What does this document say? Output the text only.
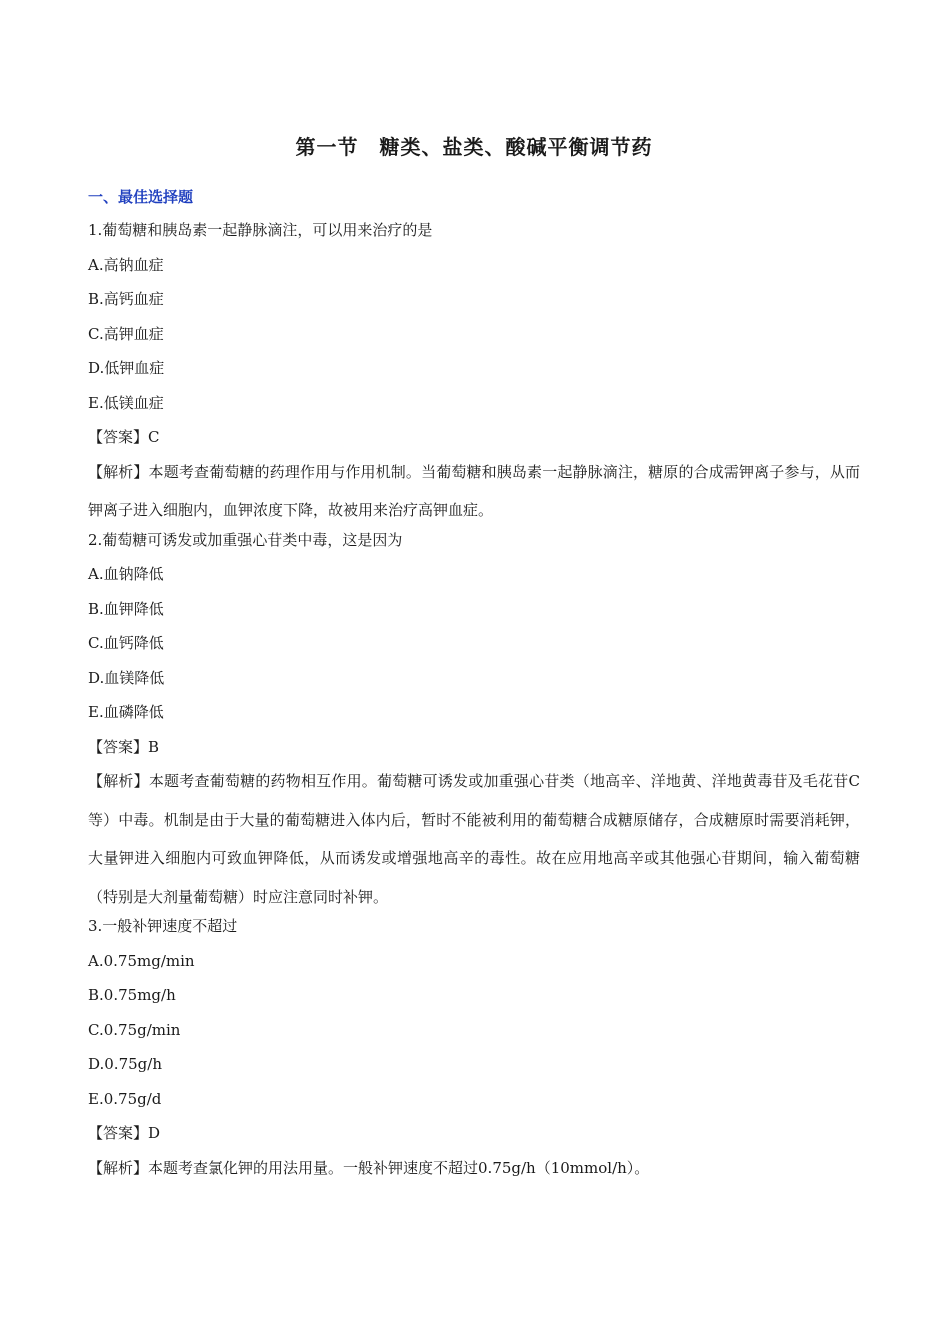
第一节　糖类、盐类、酸碱平衡调节药
一、最佳选择题
1.葡萄糖和胰岛素一起静脉滴注，可以用来治疗的是
A.高钠血症
B.高钙血症
C.高钾血症
D.低钾血症
E.低镁血症
【答案】C

【解析】本题考查葡萄糖的药理作用与作用机制。当葡萄糖和胰岛素一起静脉滴注，糖原的合成需钾离子参与，从而钾离子进入细胞内，血钾浓度下降，故被用来治疗高钾血症。

2.葡萄糖可诱发或加重强心苷类中毒，这是因为
A.血钠降低
B.血钾降低
C.血钙降低
D.血镁降低
E.血磷降低
【答案】B

【解析】本题考查葡萄糖的药物相互作用。葡萄糖可诱发或加重强心苷类（地高辛、洋地黄、洋地黄毒苷及毛花苷C等）中毒。机制是由于大量的葡萄糖进入体内后，暂时不能被利用的葡萄糖合成糖原储存，合成糖原时需要消耗钾，大量钾进入细胞内可致血钾降低，从而诱发或增强地高辛的毒性。故在应用地高辛或其他强心苷期间，输入葡萄糖（特别是大剂量葡萄糖）时应注意同时补钾。

3.一般补钾速度不超过
A.0.75mg/min
B.0.75mg/h
C.0.75g/min
D.0.75g/h
E.0.75g/d
【答案】D

【解析】本题考查氯化钾的用法用量。一般补钾速度不超过0.75g/h（10mmol/h）。
